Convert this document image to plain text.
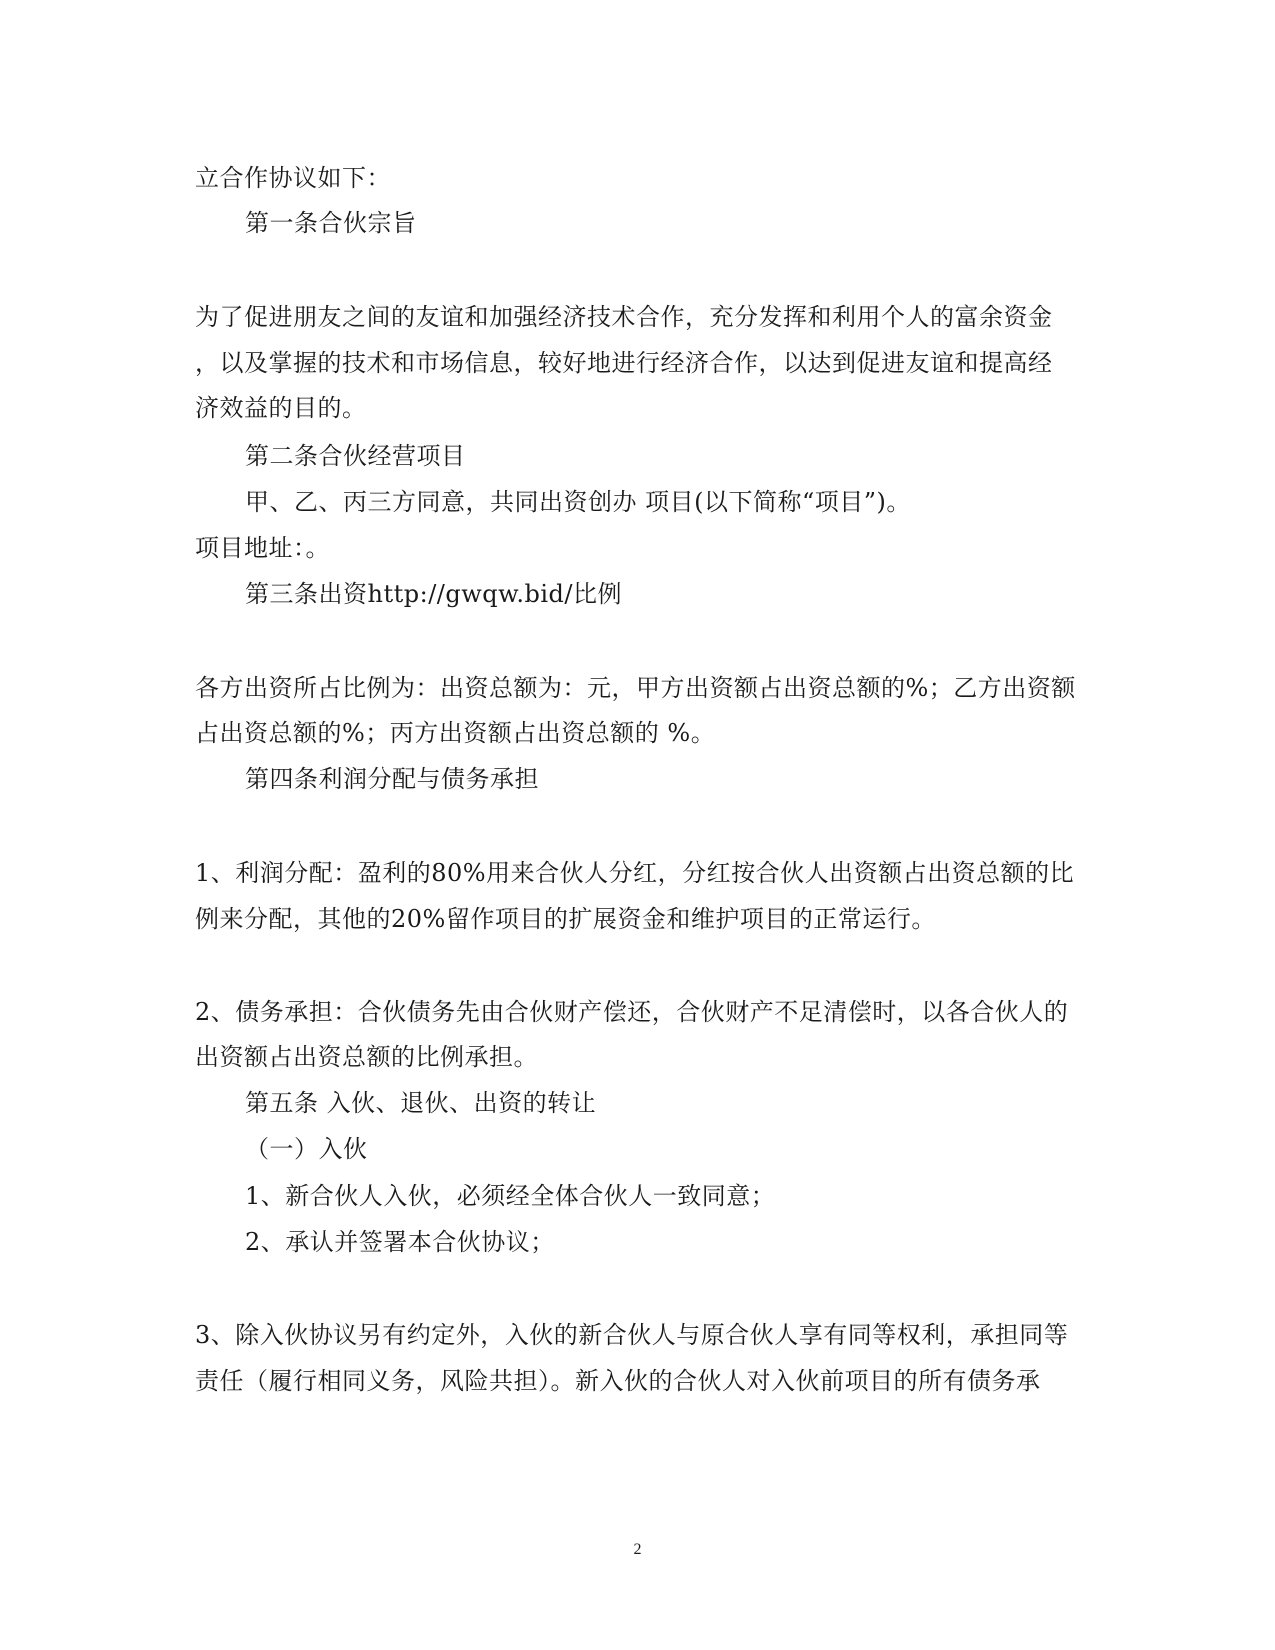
立合作协议如下：
第一条合伙宗旨
为了促进朋友之间的友谊和加强经济技术合作，充分发挥和利用个人的富余资金
，以及掌握的技术和市场信息，较好地进行经济合作，以达到促进友谊和提高经
济效益的目的。
第二条合伙经营项目
甲、乙、丙三方同意，共同出资创办 项目(以下简称“项目”)。
项目地址：。
第三条出资http://gwqw.bid/比例
各方出资所占比例为：出资总额为：元，甲方出资额占出资总额的%；乙方出资额
占出资总额的%；丙方出资额占出资总额的 %。
第四条利润分配与债务承担
1、利润分配：盈利的80%用来合伙人分红，分红按合伙人出资额占出资总额的比
例来分配，其他的20%留作项目的扩展资金和维护项目的正常运行。
2、债务承担：合伙债务先由合伙财产偿还，合伙财产不足清偿时，以各合伙人的
出资额占出资总额的比例承担。
第五条 入伙、退伙、出资的转让
（一）入伙
1、新合伙人入伙，必须经全体合伙人一致同意；
2、承认并签署本合伙协议；
3、除入伙协议另有约定外，入伙的新合伙人与原合伙人享有同等权利，承担同等
责任（履行相同义务，风险共担）。新入伙的合伙人对入伙前项目的所有债务承
2
